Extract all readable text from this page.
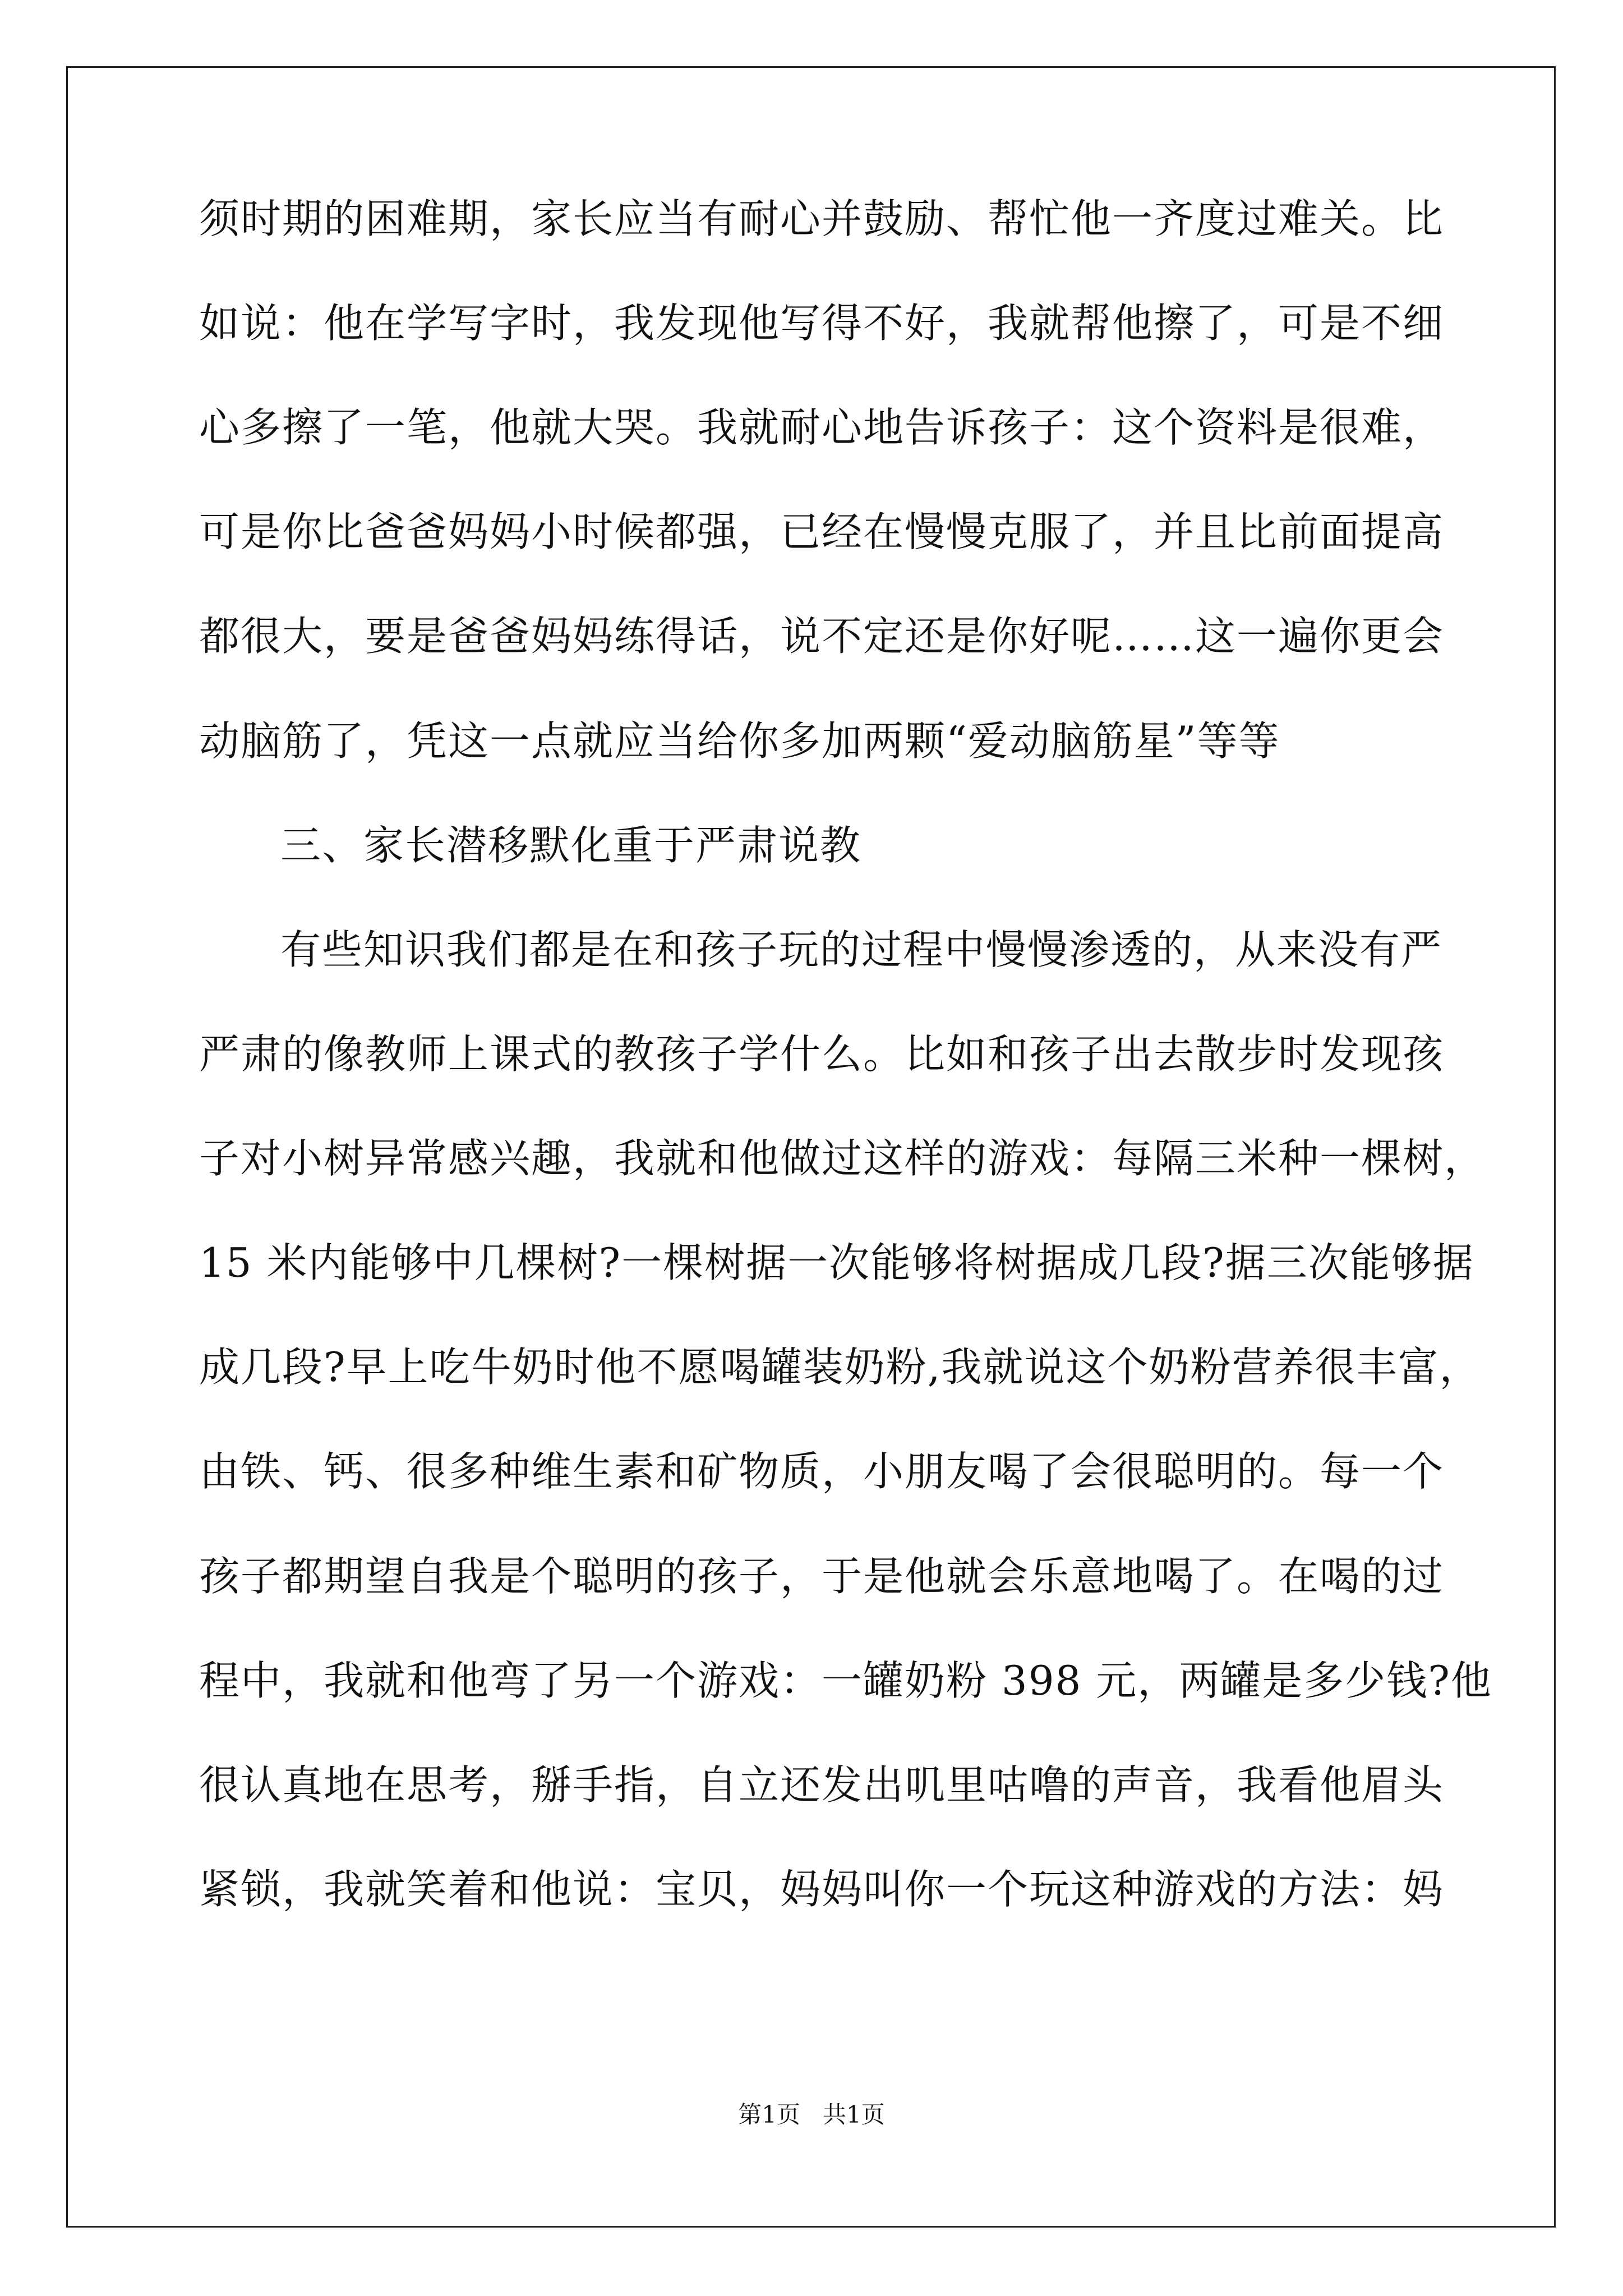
须时期的困难期，家长应当有耐心并鼓励、帮忙他一齐度过难关。比
如说：他在学写字时，我发现他写得不好，我就帮他擦了，可是不细
心多擦了一笔，他就大哭。我就耐心地告诉孩子：这个资料是很难，
可是你比爸爸妈妈小时候都强，已经在慢慢克服了，并且比前面提高
都很大，要是爸爸妈妈练得话，说不定还是你好呢……这一遍你更会
动脑筋了，凭这一点就应当给你多加两颗“爱动脑筋星”等等
三、家长潜移默化重于严肃说教
有些知识我们都是在和孩子玩的过程中慢慢渗透的，从来没有严
严肃的像教师上课式的教孩子学什么。比如和孩子出去散步时发现孩
子对小树异常感兴趣，我就和他做过这样的游戏：每隔三米种一棵树，
15 米内能够中几棵树?一棵树据一次能够将树据成几段?据三次能够据
成几段?早上吃牛奶时他不愿喝罐装奶粉,我就说这个奶粉营养很丰富，
由铁、钙、很多种维生素和矿物质，小朋友喝了会很聪明的。每一个
孩子都期望自我是个聪明的孩子，于是他就会乐意地喝了。在喝的过
程中，我就和他弯了另一个游戏：一罐奶粉 398 元，两罐是多少钱?他
很认真地在思考，掰手指，自立还发出叽里咕噜的声音，我看他眉头
紧锁，我就笑着和他说：宝贝，妈妈叫你一个玩这种游戏的方法：妈
第1页 共1页
